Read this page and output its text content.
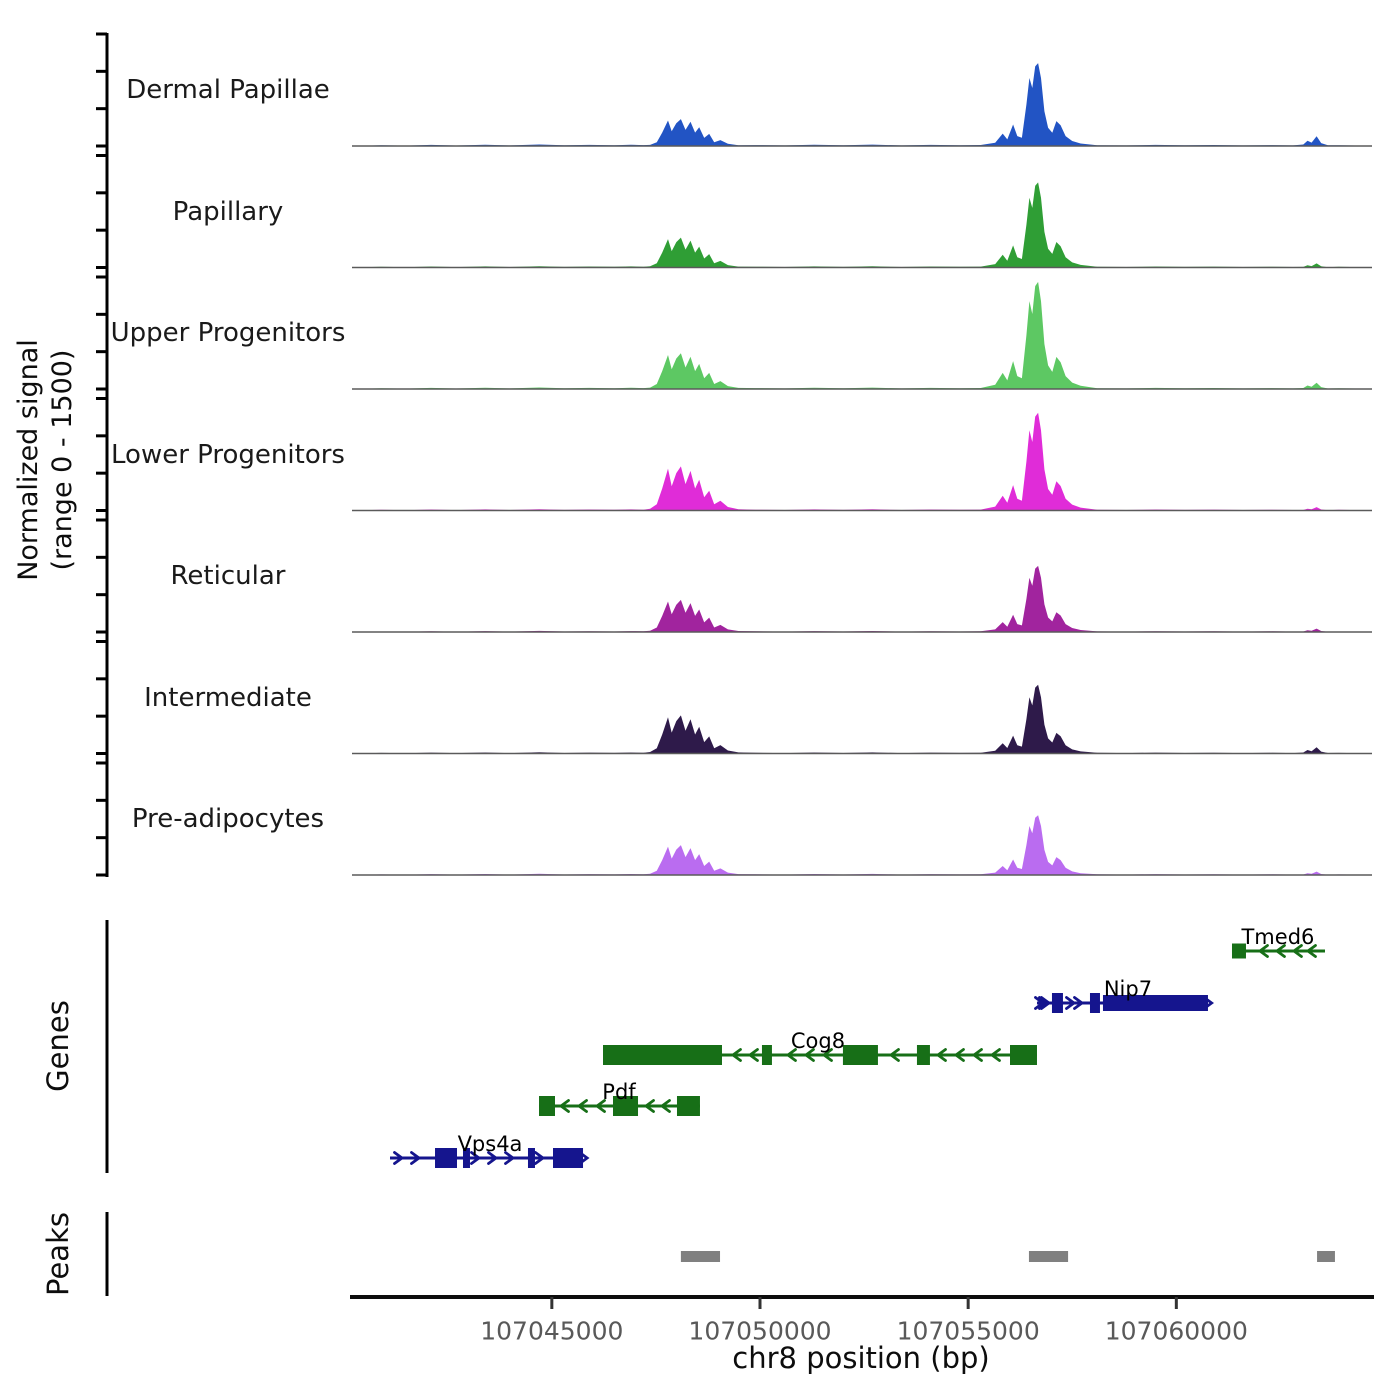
Normalized signal (range 0 - 1500)
Dermal Papillae
Papillary
Upper Progenitors
Lower Progenitors
Reticular
Intermediate
Pre-adipocytes
Genes
Peaks
Tmed6
Nip7
Cog8
Pdf
Vps4a
107045000	107050000	107055000	107060000
chr8 position (bp)
